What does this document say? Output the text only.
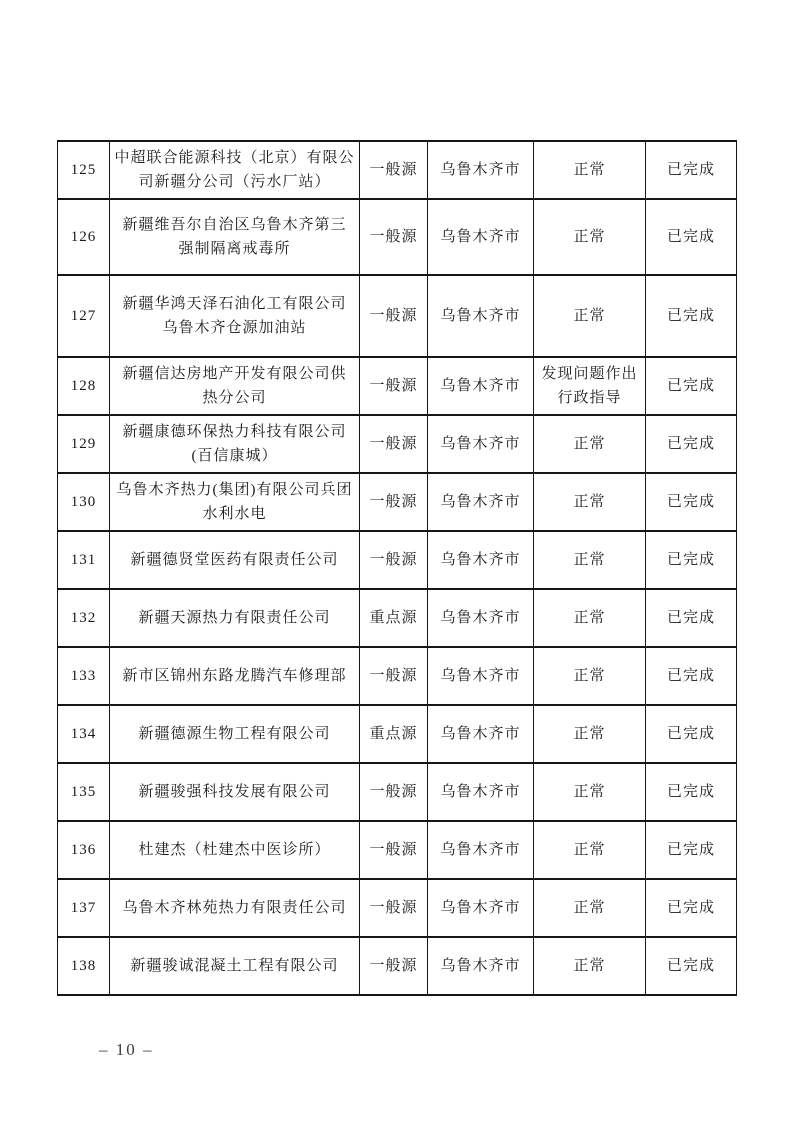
125	中超联合能源科技（北京）有限公
司新疆分公司（污水厂站）	一般源	乌鲁木齐市	正常	已完成
126	新疆维吾尔自治区乌鲁木齐第三
强制隔离戒毒所	一般源	乌鲁木齐市	正常	已完成
127	新疆华鸿天泽石油化工有限公司
乌鲁木齐仓源加油站	一般源	乌鲁木齐市	正常	已完成
128	新疆信达房地产开发有限公司供
热分公司	一般源	乌鲁木齐市	发现问题作出
行政指导	已完成
129	新疆康德环保热力科技有限公司
(百信康城）	一般源	乌鲁木齐市	正常	已完成
130	乌鲁木齐热力(集团)有限公司兵团
水利水电	一般源	乌鲁木齐市	正常	已完成
131	新疆德贤堂医药有限责任公司	一般源	乌鲁木齐市	正常	已完成
132	新疆天源热力有限责任公司	重点源	乌鲁木齐市	正常	已完成
133	新市区锦州东路龙腾汽车修理部	一般源	乌鲁木齐市	正常	已完成
134	新疆德源生物工程有限公司	重点源	乌鲁木齐市	正常	已完成
135	新疆骏强科技发展有限公司	一般源	乌鲁木齐市	正常	已完成
136	杜建杰（杜建杰中医诊所）	一般源	乌鲁木齐市	正常	已完成
137	乌鲁木齐林苑热力有限责任公司	一般源	乌鲁木齐市	正常	已完成
138	新疆骏诚混凝土工程有限公司	一般源	乌鲁木齐市	正常	已完成
– 10 –
